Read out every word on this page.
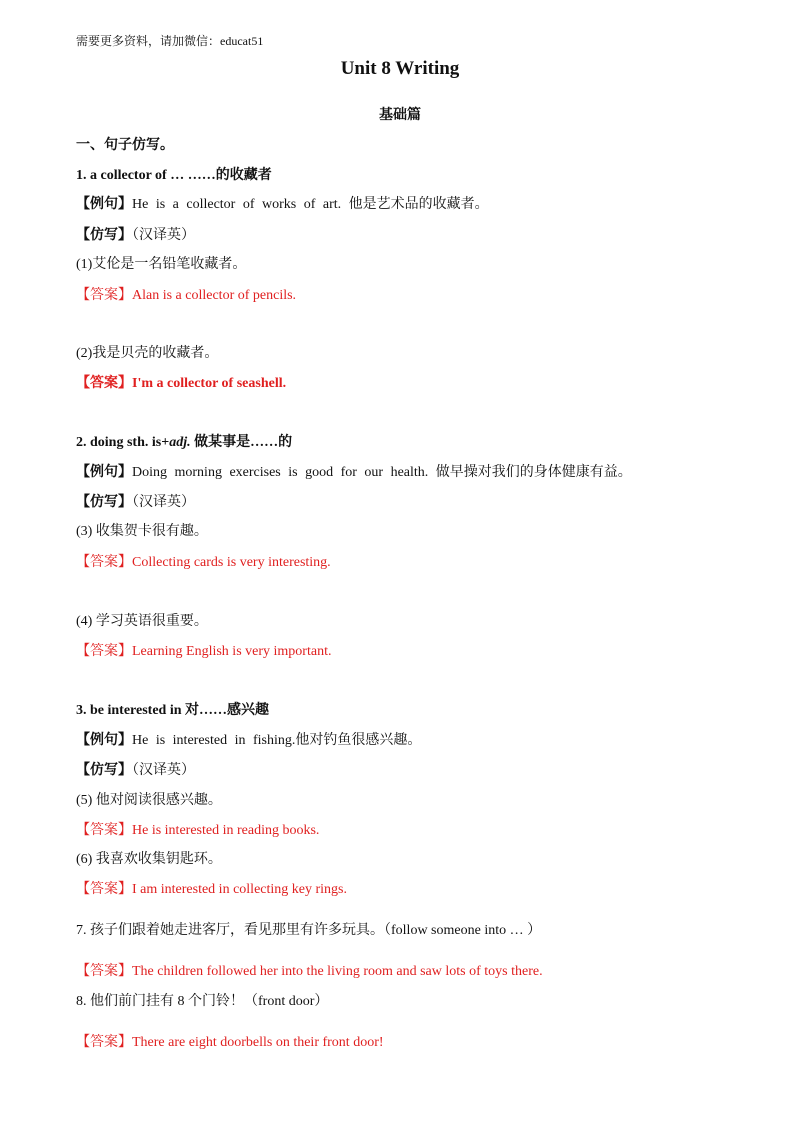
需要更多资料，请加微信：educat51
Unit 8 Writing
基础篇
一、句子仿写。
1. a collector of … ……的收藏者
【例句】He is a collector of works of art. 他是艺术品的收藏者。
【仿写】（汉译英）
(1)艾伦是一名铅笔收藏者。
【答案】Alan is a collector of pencils.
(2)我是贝壳的收藏者。
【答案】I'm a collector of seashell.
2. doing sth. is+adj. 做某事是……的
【例句】Doing morning exercises is good for our health. 做早操对我们的身体健康有益。
【仿写】（汉译英）
(3) 收集贺卡很有趣。
【答案】Collecting cards is very interesting.
(4) 学习英语很重要。
【答案】Learning English is very important.
3. be interested in 对……感兴趣
【例句】He is interested in fishing.他对钓鱼很感兴趣。
【仿写】（汉译英）
(5) 他对阅读很感兴趣。
【答案】He is interested in reading books.
(6) 我喜欢收集钥匙环。
【答案】I am interested in collecting key rings.
7. 孩子们跟着她走进客厅，看见那里有许多玩具。（follow someone into … ）
【答案】The children followed her into the living room and saw lots of toys there.
8. 他们前门挂有 8 个门铃！（front door）
【答案】There are eight doorbells on their front door!
